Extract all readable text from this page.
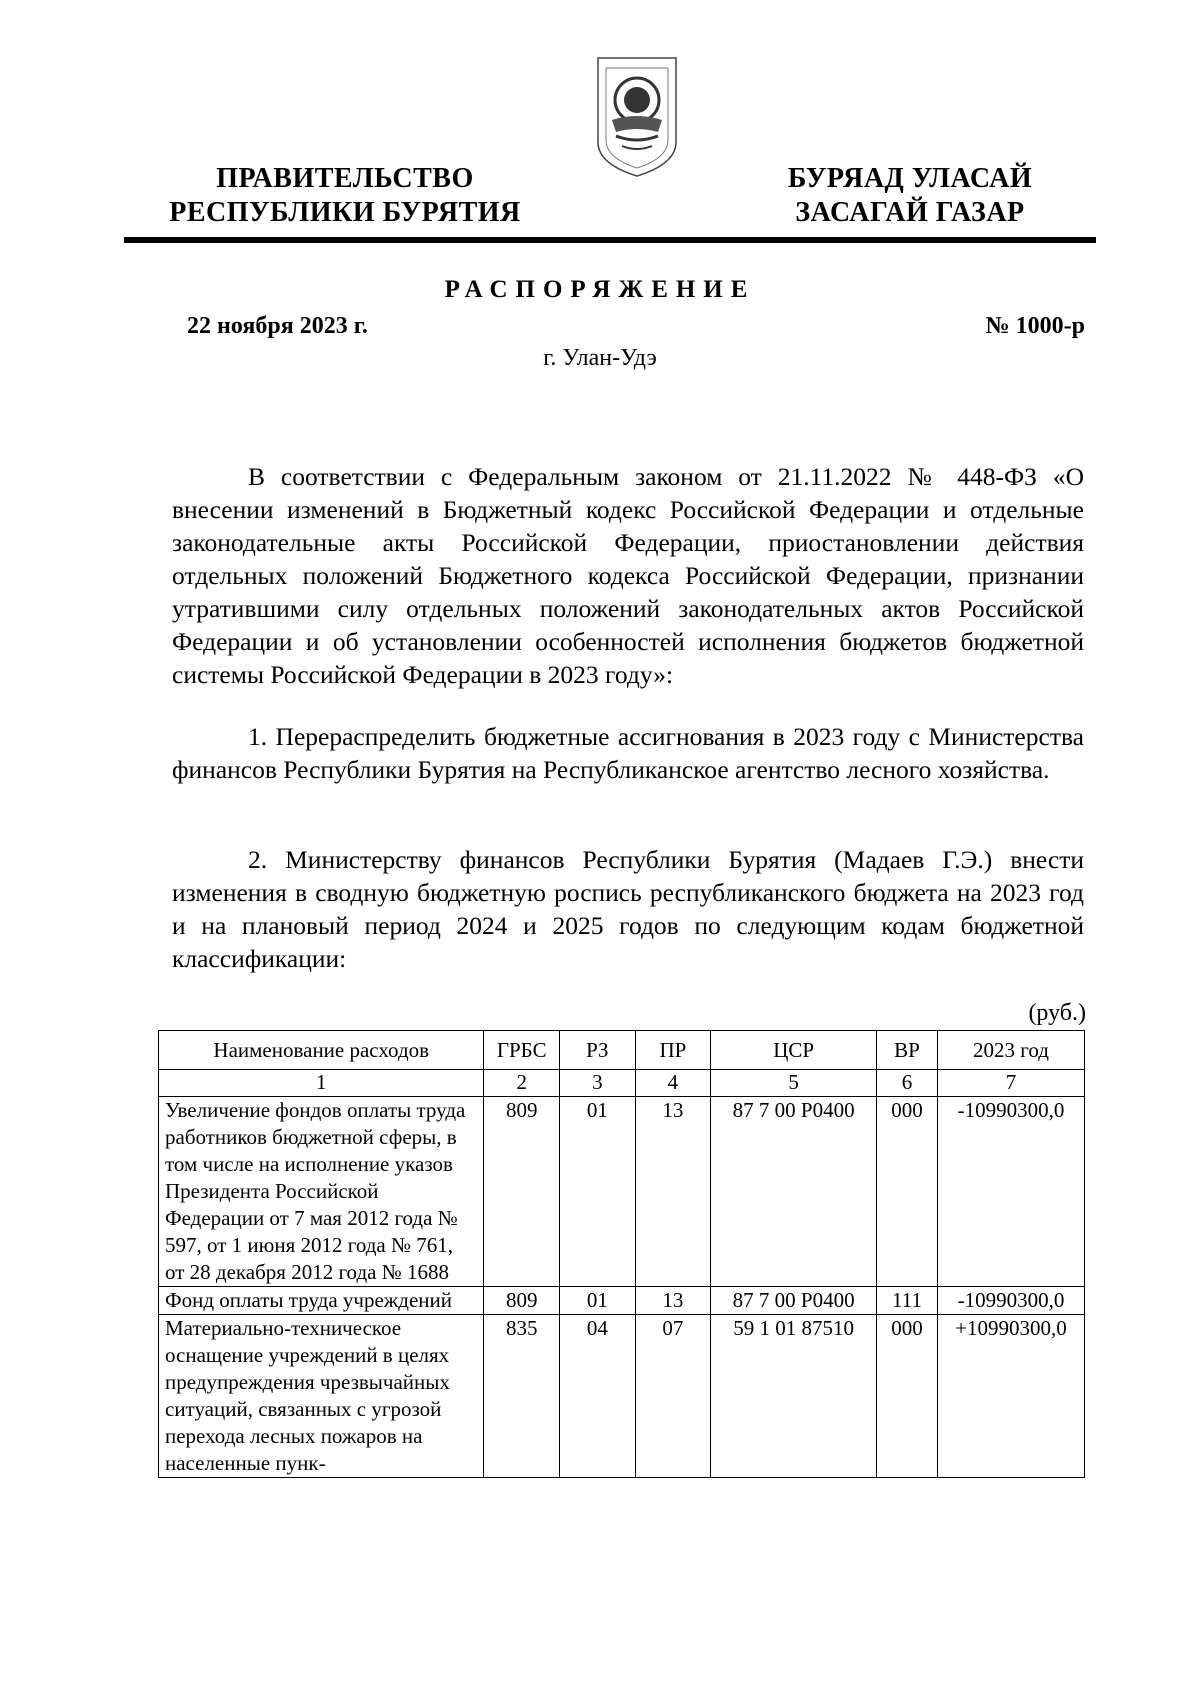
ПРАВИТЕЛЬСТВО
РЕСПУБЛИКИ БУРЯТИЯ
БУРЯАД УЛАСАЙ
ЗАСАГАЙ ГАЗАР
РАСПОРЯЖЕНИЕ
22 ноября 2023 г.	№ 1000-р
г. Улан-Удэ

В соответствии с Федеральным законом от 21.11.2022 № 448-ФЗ «О внесении изменений в Бюджетный кодекс Российской Федерации и отдельные законодательные акты Российской Федерации, приостановлении действия отдельных положений Бюджетного кодекса Российской Федерации, признании утратившими силу отдельных положений законодательных актов Российской Федерации и об установлении особенностей исполнения бюджетов бюджетной системы Российской Федерации в 2023 году»:

1. Перераспределить бюджетные ассигнования в 2023 году с Министерства финансов Республики Бурятия на Республиканское агентство лесного хозяйства.

2. Министерству финансов Республики Бурятия (Мадаев Г.Э.) внести изменения в сводную бюджетную роспись республиканского бюджета на 2023 год и на плановый период 2024 и 2025 годов по следующим кодам бюджетной классификации:

(руб.)
Наименование расходов	ГРБС	РЗ	ПР	ЦСР	ВР	2023 год
1	2	3	4	5	6	7
Увеличение фондов оплаты труда работников бюджетной сферы, в том числе на исполнение указов Президента Российской Федерации от 7 мая 2012 года № 597, от 1 июня 2012 года № 761, от 28 декабря 2012 года № 1688	809	01	13	87 7 00 Р0400	000	-10990300,0
Фонд оплаты труда учреждений	809	01	13	87 7 00 Р0400	111	-10990300,0
Материально-техническое оснащение учреждений в целях предупреждения чрезвычайных ситуаций, связанных с угрозой перехода лесных пожаров на населенные пунк-	835	04	07	59 1 01 87510	000	+10990300,0
